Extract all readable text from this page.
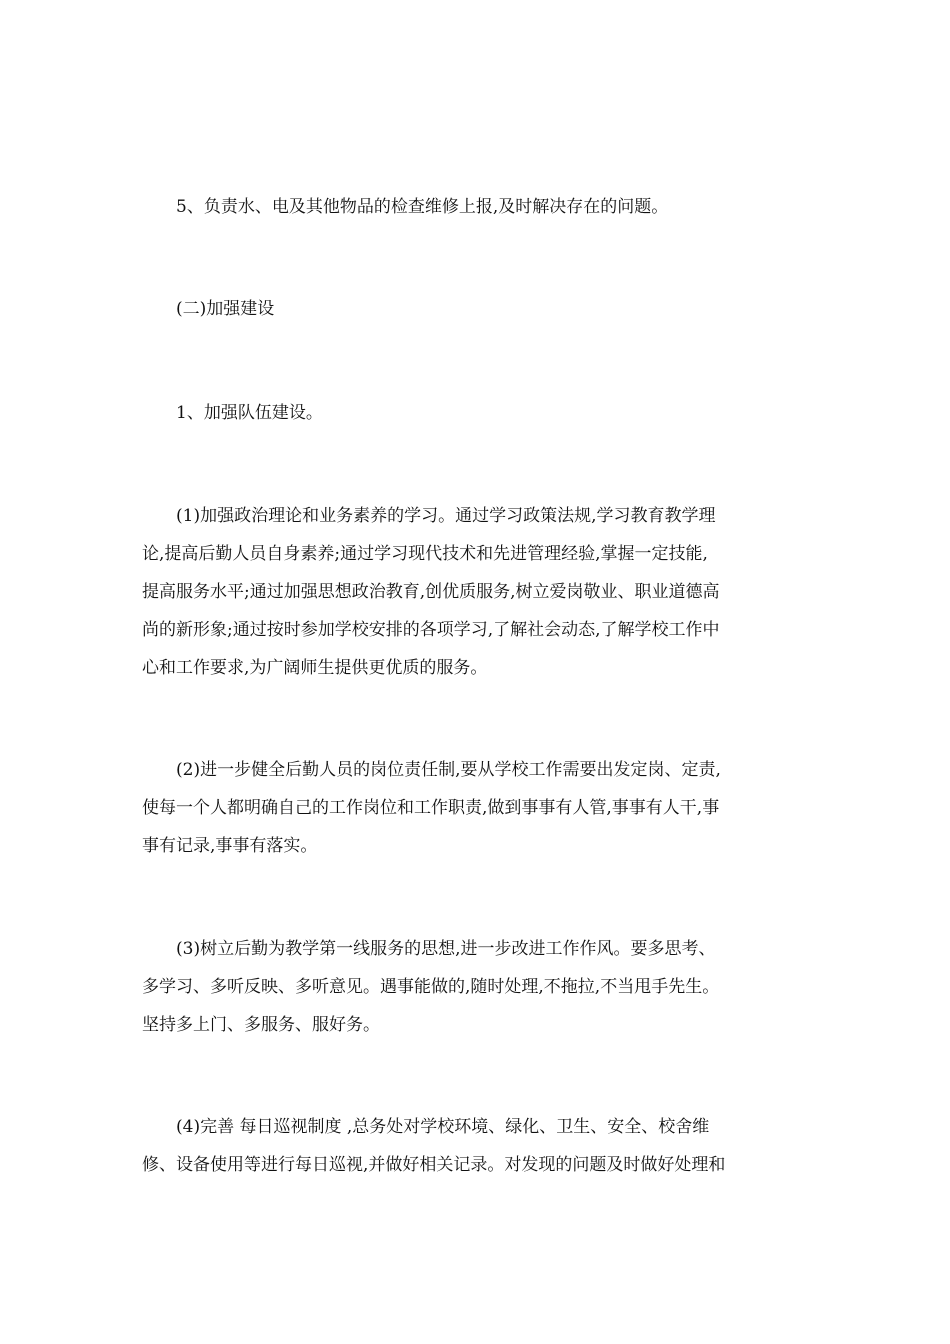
5、负责水、电及其他物品的检查维修上报,及时解决存在的问题。

(二)加强建设

1、加强队伍建设。

(1)加强政治理论和业务素养的学习。通过学习政策法规,学习教育教学理
论,提高后勤人员自身素养;通过学习现代技术和先进管理经验,掌握一定技能,
提高服务水平;通过加强思想政治教育,创优质服务,树立爱岗敬业、职业道德高
尚的新形象;通过按时参加学校安排的各项学习,了解社会动态,了解学校工作中
心和工作要求,为广阔师生提供更优质的服务。

(2)进一步健全后勤人员的岗位责任制,要从学校工作需要出发定岗、定责,
使每一个人都明确自己的工作岗位和工作职责,做到事事有人管,事事有人干,事
事有记录,事事有落实。

(3)树立后勤为教学第一线服务的思想,进一步改进工作作风。要多思考、
多学习、多听反映、多听意见。遇事能做的,随时处理,不拖拉,不当甩手先生。
坚持多上门、多服务、服好务。

(4)完善 每日巡视制度 ,总务处对学校环境、绿化、卫生、安全、校舍维
修、设备使用等进行每日巡视,并做好相关记录。对发现的问题及时做好处理和
